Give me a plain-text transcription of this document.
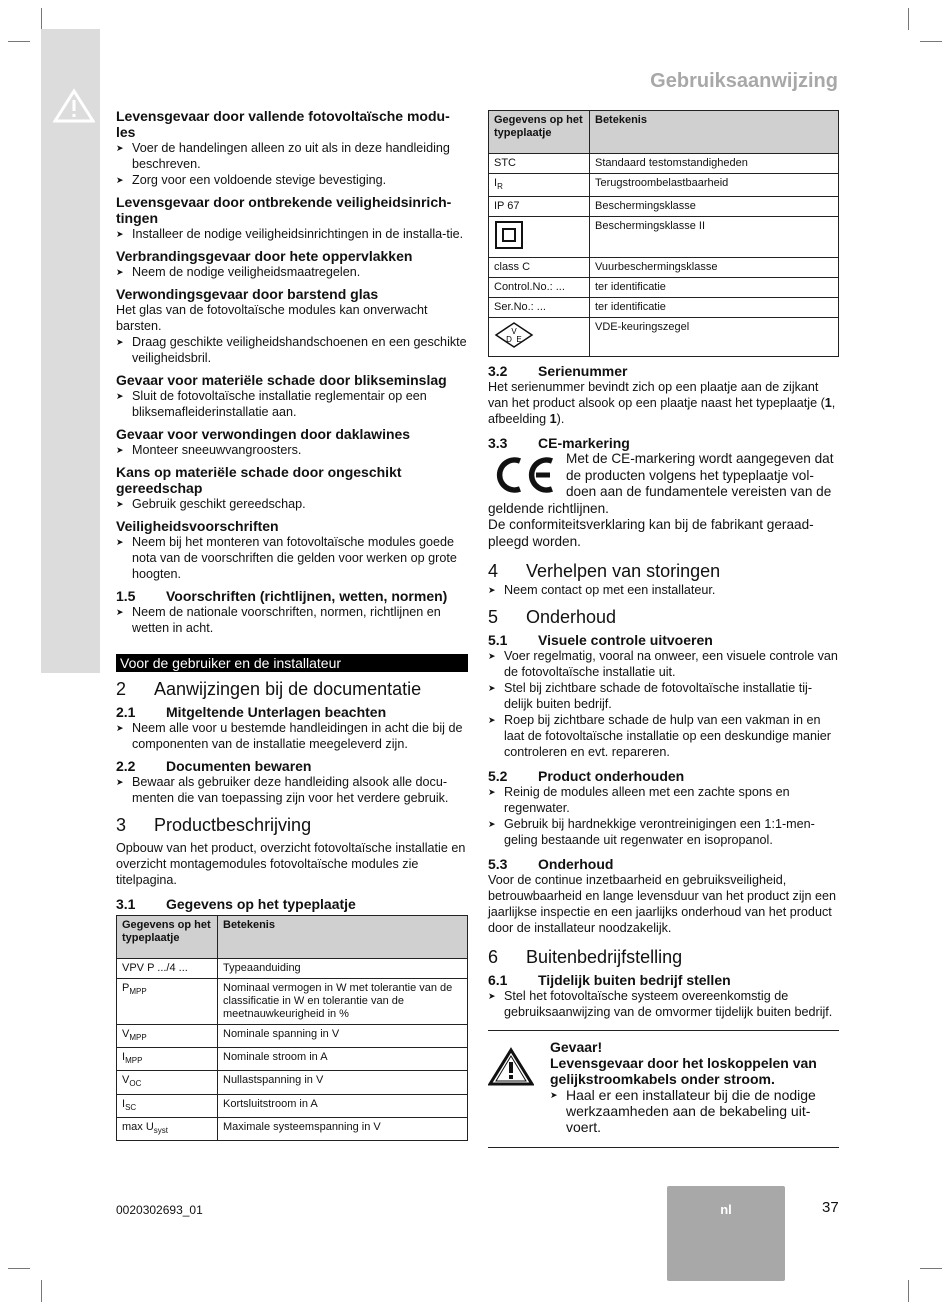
Gebruiksaanwijzing
Levensgevaar door vallende fotovoltaïsche modu-les
➤ Voer de handelingen alleen zo uit als in deze handleiding beschreven.
➤ Zorg voor een voldoende stevige bevestiging.
Levensgevaar door ontbrekende veiligheidsinrich-tingen
➤ Installeer de nodige veiligheidsinrichtingen in de installa-tie.
Verbrandingsgevaar door hete oppervlakken
➤ Neem de nodige veiligheidsmaatregelen.
Verwondingsgevaar door barstend glas

Het glas van de fotovoltaïsche modules kan onverwacht barsten.

➤ Draag geschikte veiligheidshandschoenen en een geschikte veiligheidsbril.
Gevaar voor materiële schade door blikseminslag
➤ Sluit de fotovoltaïsche installatie reglementair op een bliksemafleiderinstallatie aan.
Gevaar voor verwondingen door daklawines
➤ Monteer sneeuwvangroosters.
Kans op materiële schade door ongeschikt gereedschap
➤ Gebruik geschikt gereedschap.
Veiligheidsvoorschriften
➤ Neem bij het monteren van fotovoltaïsche modules goede nota van de voorschriften die gelden voor werken op grote hoogten.
1.5 Voorschriften (richtlijnen, wetten, normen)
➤ Neem de nationale voorschriften, normen, richtlijnen en wetten in acht.
Voor de gebruiker en de installateur
2 Aanwijzingen bij de documentatie
2.1 Mitgeltende Unterlagen beachten
➤ Neem alle voor u bestemde handleidingen in acht die bij de componenten van de installatie meegeleverd zijn.
2.2 Documenten bewaren
➤ Bewaar als gebruiker deze handleiding alsook alle docu-menten die van toepassing zijn voor het verdere gebruik.
3 Productbeschrijving

Opbouw van het product, overzicht fotovoltaïsche installatie en overzicht montagemodules fotovoltaïsche modules zie titelpagina.

3.1 Gegevens op het typeplaatje
Gegevens op het typeplaatje	Betekenis
VPV P .../4 ...	Typeaanduiding
$P_{MPP}$	Nominaal vermogen in W met tolerantie van de classificatie in W en tolerantie van de meetnauwkeurigheid in %
$V_{MPP}$	Nominale spanning in V
$I_{MPP}$	Nominale stroom in A
$V_{OC}$	Nullastspanning in V
$I_{SC}$	Kortsluitstroom in A
$\max U_{syst}$	Maximale systeemspanning in V
Gegevens op het typeplaatje	Betekenis
STC	Standaard testomstandigheden
$I_R$	Terugstroombelastbaarheid
IP 67	Beschermingsklasse
	Beschermingsklasse II
class C	Vuurbeschermingsklasse
Control.No.: ...	ter identificatie
Ser.No.: ...	ter identificatie

V
D E	VDE-keuringszegel
3.2 Serienummer

Het serienummer bevindt zich op een plaatje aan de zijkant van het product alsook op een plaatje naast het typeplaatje (1, afbeelding 1).

3.3 CE-markering

Met de CE-markering wordt aangegeven dat de producten volgens het typeplaatje vol-doen aan de fundamentele vereisten van de geldende richtlijnen.

De conformiteitsverklaring kan bij de fabrikant geraad-pleegd worden.

4 Verhelpen van storingen
➤ Neem contact op met een installateur.
5 Onderhoud
5.1 Visuele controle uitvoeren
➤ Voer regelmatig, vooral na onweer, een visuele controle van de fotovoltaïsche installatie uit.
➤ Stel bij zichtbare schade de fotovoltaïsche installatie tij-delijk buiten bedrijf.
➤ Roep bij zichtbare schade de hulp van een vakman in en laat de fotovoltaïsche installatie op een deskundige manier controleren en evt. repareren.
5.2 Product onderhouden
➤ Reinig de modules alleen met een zachte spons en regenwater.
➤ Gebruik bij hardnekkige verontreinigingen een 1:1-men-geling bestaande uit regenwater en isopropanol.
5.3 Onderhoud

Voor de continue inzetbaarheid en gebruiksveiligheid, betrouwbaarheid en lange levensduur van het product zijn een jaarlijkse inspectie en een jaarlijks onderhoud van het product door de installateur noodzakelijk.

6 Buitenbedrijfstelling
6.1 Tijdelijk buiten bedrijf stellen
➤ Stel het fotovoltaïsche systeem overeenkomstig de gebruiksaanwijzing van de omvormer tijdelijk buiten bedrijf.
Gevaar!
Levensgevaar door het loskoppelen van gelijkstroomkabels onder stroom.
➤ Haal er een installateur bij die de nodige werkzaamheden aan de bekabeling uit-voert.
0020302693_01	nl	37
